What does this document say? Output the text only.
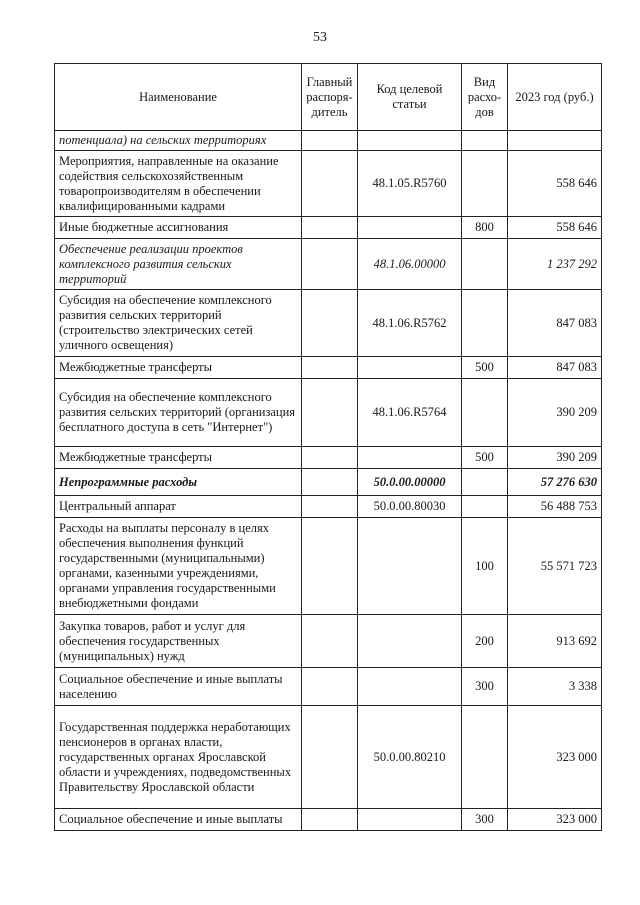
53
Наименование	Главный распоря-дитель	Код целевой статьи	Вид расхо-дов	2023 год (руб.)
потенциала) на сельских территориях				
Мероприятия, направленные на оказание содействия сельскохозяйственным товаропроизводителям в обеспечении квалифицированными кадрами		48.1.05.R5760		558 646
Иные бюджетные ассигнования			800	558 646
Обеспечение реализации проектов комплексного развития сельских территорий		48.1.06.00000		1 237 292
Субсидия на обеспечение комплексного развития сельских территорий (строительство электрических сетей уличного освещения)		48.1.06.R5762		847 083
Межбюджетные трансферты			500	847 083
Субсидия на обеспечение комплексного развития сельских территорий (организация бесплатного доступа в сеть "Интернет")		48.1.06.R5764		390 209
Межбюджетные трансферты			500	390 209
Непрограммные расходы		50.0.00.00000		57 276 630
Центральный аппарат		50.0.00.80030		56 488 753
Расходы на выплаты персоналу в целях обеспечения выполнения функций государственными (муниципальными) органами, казенными учреждениями, органами управления государственными внебюджетными фондами			100	55 571 723
Закупка товаров, работ и услуг для обеспечения государственных (муниципальных) нужд			200	913 692
Социальное обеспечение и иные выплаты населению			300	3 338
Государственная поддержка неработающих пенсионеров в органах власти, государственных органах Ярославской области и учреждениях, подведомственных Правительству Ярославской области		50.0.00.80210		323 000
Социальное обеспечение и иные выплаты			300	323 000
